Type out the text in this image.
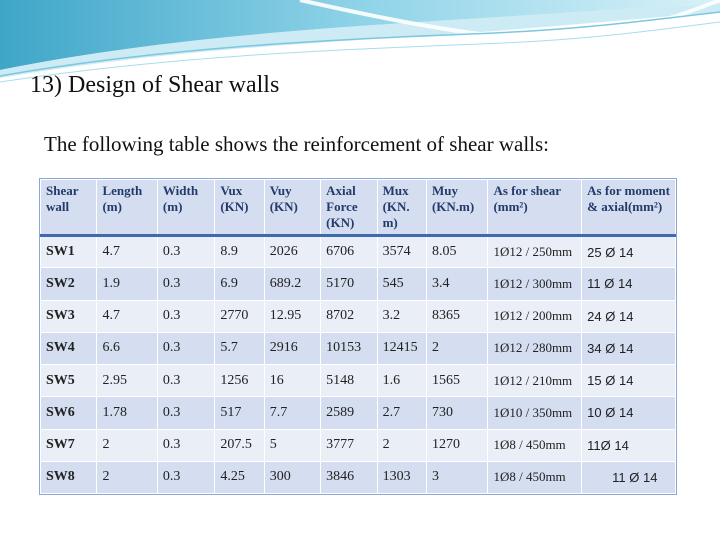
13) Design of Shear walls
The following table shows the reinforcement of shear walls:
Shear wall	Length (m)	Width (m)	Vux (KN)	Vuy (KN)	Axial Force (KN)	Mux (KN. m)	Muy (KN.m)	As for shear (mm²)	As for moment & axial(mm²)
SW1	4.7	0.3	8.9	2026	6706	3574	8.05	1Ø12 / 250mm	25 Ø 14
SW2	1.9	0.3	6.9	689.2	5170	545	3.4	1Ø12 / 300mm	11 Ø 14
SW3	4.7	0.3	2770	12.95	8702	3.2	8365	1Ø12 / 200mm	24 Ø 14
SW4	6.6	0.3	5.7	2916	10153	12415	2	1Ø12 / 280mm	34 Ø 14
SW5	2.95	0.3	1256	16	5148	1.6	1565	1Ø12 / 210mm	15 Ø 14
SW6	1.78	0.3	517	7.7	2589	2.7	730	1Ø10 / 350mm	10 Ø 14
SW7	2	0.3	207.5	5	3777	2	1270	1Ø8 / 450mm	11Ø 14
SW8	2	0.3	4.25	300	3846	1303	3	1Ø8 / 450mm	11 Ø 14
